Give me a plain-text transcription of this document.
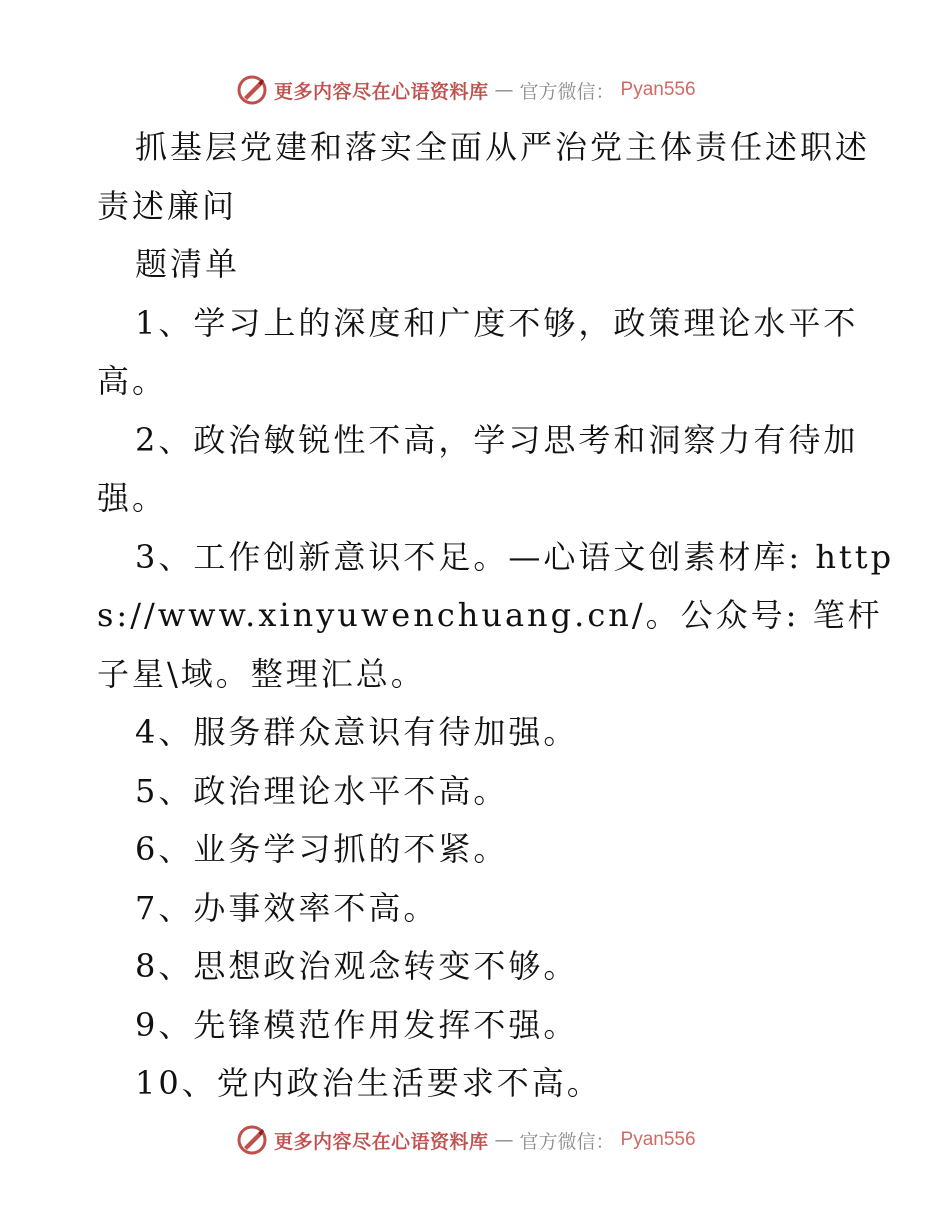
更多内容尽在心语资料库 — 官方微信： Pyan556

抓基层党建和落实全面从严治党主体责任述职述责述廉问

题清单

1、学习上的深度和广度不够，政策理论水平不高。

2、政治敏锐性不高，学习思考和洞察力有待加强。

3、工作创新意识不足。—心语文创素材库: https://www.xinyuwenchuang.cn/。公众号: 笔杆子星\域。整理汇总。

4、服务群众意识有待加强。

5、政治理论水平不高。

6、业务学习抓的不紧。

7、办事效率不高。

8、思想政治观念转变不够。

9、先锋模范作用发挥不强。

10、党内政治生活要求不高。

更多内容尽在心语资料库 — 官方微信： Pyan556
